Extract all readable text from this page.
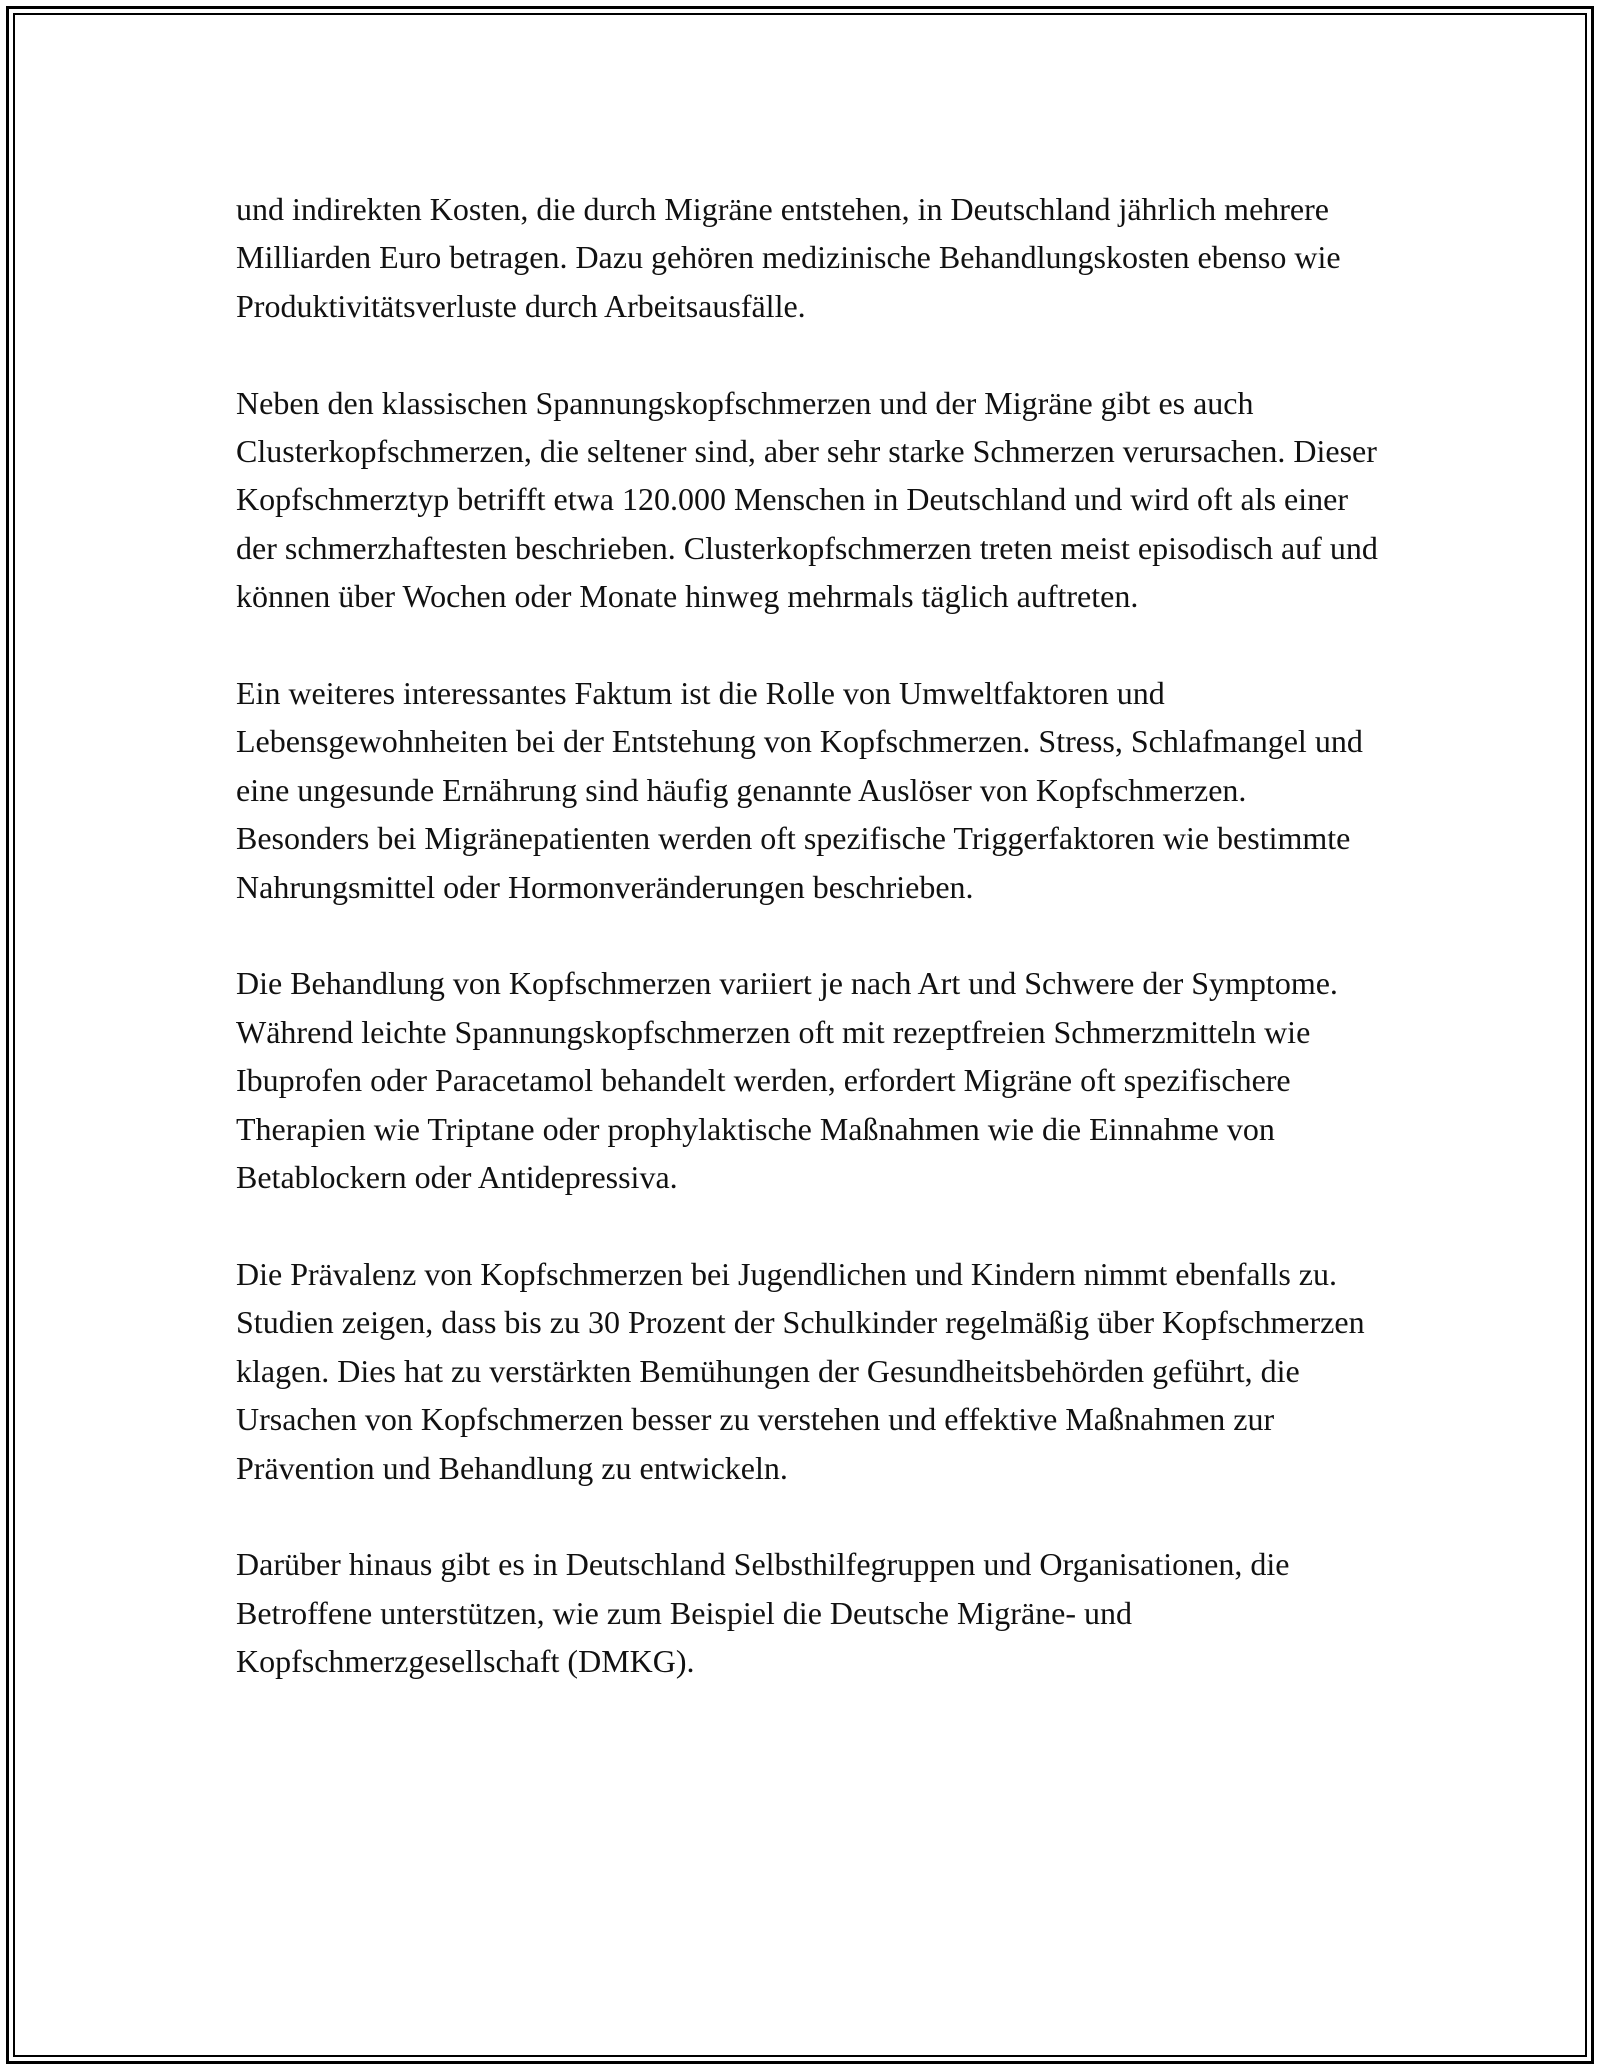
und indirekten Kosten, die durch Migräne entstehen, in Deutschland jährlich mehrere Milliarden Euro betragen. Dazu gehören medizinische Behandlungskosten ebenso wie Produktivitätsverluste durch Arbeitsausfälle.

Neben den klassischen Spannungskopfschmerzen und der Migräne gibt es auch Clusterkopfschmerzen, die seltener sind, aber sehr starke Schmerzen verursachen. Dieser Kopfschmerztyp betrifft etwa 120.000 Menschen in Deutschland und wird oft als einer der schmerzhaftesten beschrieben. Clusterkopfschmerzen treten meist episodisch auf und können über Wochen oder Monate hinweg mehrmals täglich auftreten.

Ein weiteres interessantes Faktum ist die Rolle von Umweltfaktoren und Lebensgewohnheiten bei der Entstehung von Kopfschmerzen. Stress, Schlafmangel und eine ungesunde Ernährung sind häufig genannte Auslöser von Kopfschmerzen. Besonders bei Migränepatienten werden oft spezifische Triggerfaktoren wie bestimmte Nahrungsmittel oder Hormonveränderungen beschrieben.

Die Behandlung von Kopfschmerzen variiert je nach Art und Schwere der Symptome. Während leichte Spannungskopfschmerzen oft mit rezeptfreien Schmerzmitteln wie Ibuprofen oder Paracetamol behandelt werden, erfordert Migräne oft spezifischere Therapien wie Triptane oder prophylaktische Maßnahmen wie die Einnahme von Betablockern oder Antidepressiva.

Die Prävalenz von Kopfschmerzen bei Jugendlichen und Kindern nimmt ebenfalls zu. Studien zeigen, dass bis zu 30 Prozent der Schulkinder regelmäßig über Kopfschmerzen klagen. Dies hat zu verstärkten Bemühungen der Gesundheitsbehörden geführt, die Ursachen von Kopfschmerzen besser zu verstehen und effektive Maßnahmen zur Prävention und Behandlung zu entwickeln.

Darüber hinaus gibt es in Deutschland Selbsthilfegruppen und Organisationen, die Betroffene unterstützen, wie zum Beispiel die Deutsche Migräne- und Kopfschmerzgesellschaft (DMKG).
